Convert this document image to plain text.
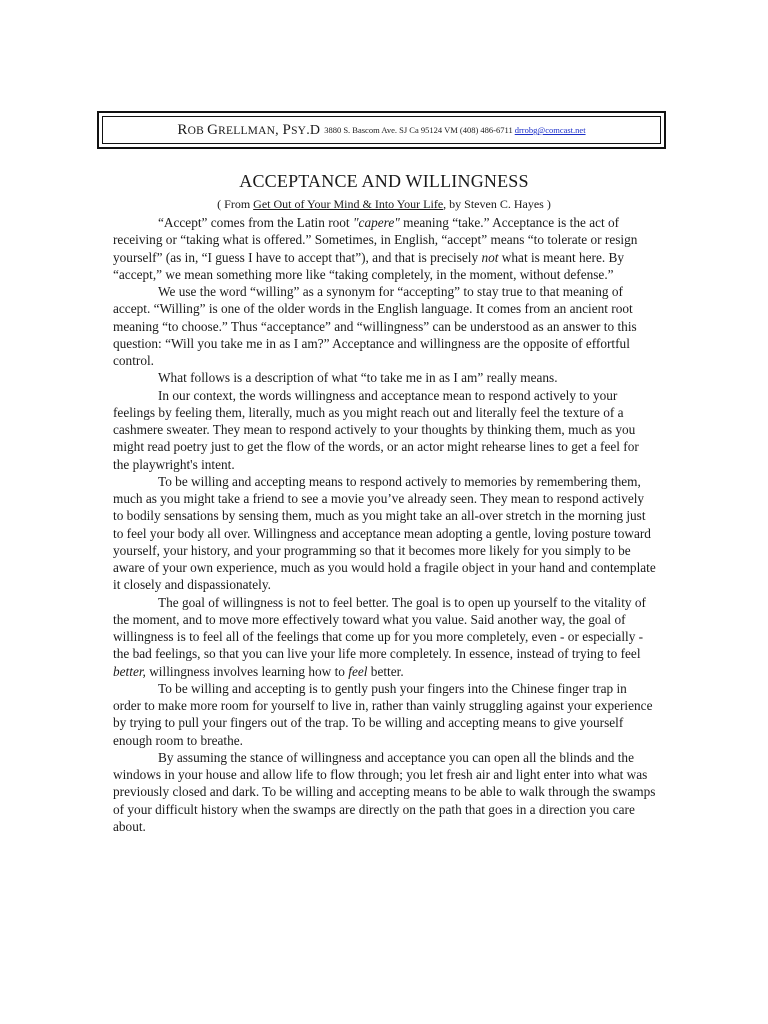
ROB GRELLMAN, PSY.D 3880 S. Bascom Ave. SJ Ca 95124 VM (408) 486-6711 drrobg@comcast.net
ACCEPTANCE AND WILLINGNESS
( From Get Out of Your Mind & Into Your Life, by Steven C. Hayes )

“Accept” comes from the Latin root "capere" meaning “take.” Acceptance is the act of receiving or “taking what is offered.” Sometimes, in English, “accept” means “to tolerate or resign yourself” (as in, “I guess I have to accept that”), and that is precisely not what is meant here. By “accept,” we mean something more like “taking completely, in the moment, without defense.”

We use the word “willing” as a synonym for “accepting” to stay true to that meaning of accept. “Willing” is one of the older words in the English language. It comes from an ancient root meaning “to choose.” Thus “acceptance” and “willingness” can be understood as an answer to this question: “Will you take me in as I am?” Acceptance and willingness are the opposite of effortful control.

What follows is a description of what “to take me in as I am” really means.

In our context, the words willingness and acceptance mean to respond actively to your feelings by feeling them, literally, much as you might reach out and literally feel the texture of a cashmere sweater. They mean to respond actively to your thoughts by thinking them, much as you might read poetry just to get the flow of the words, or an actor might rehearse lines to get a feel for the playwright's intent.

To be willing and accepting means to respond actively to memories by remembering them, much as you might take a friend to see a movie you’ve already seen. They mean to respond actively to bodily sensations by sensing them, much as you might take an all-over stretch in the morning just to feel your body all over. Willingness and acceptance mean adopting a gentle, loving posture toward yourself, your history, and your programming so that it becomes more likely for you simply to be aware of your own experience, much as you would hold a fragile object in your hand and contemplate it closely and dispassionately.

The goal of willingness is not to feel better. The goal is to open up yourself to the vitality of the moment, and to move more effectively toward what you value. Said another way, the goal of willingness is to feel all of the feelings that come up for you more completely, even - or especially - the bad feelings, so that you can live your life more completely. In essence, instead of trying to feel better, willingness involves learning how to feel better.

To be willing and accepting is to gently push your fingers into the Chinese finger trap in order to make more room for yourself to live in, rather than vainly struggling against your experience by trying to pull your fingers out of the trap. To be willing and accepting means to give yourself enough room to breathe.

By assuming the stance of willingness and acceptance you can open all the blinds and the windows in your house and allow life to flow through; you let fresh air and light enter into what was previously closed and dark. To be willing and accepting means to be able to walk through the swamps of your difficult history when the swamps are directly on the path that goes in a direction you care about.
